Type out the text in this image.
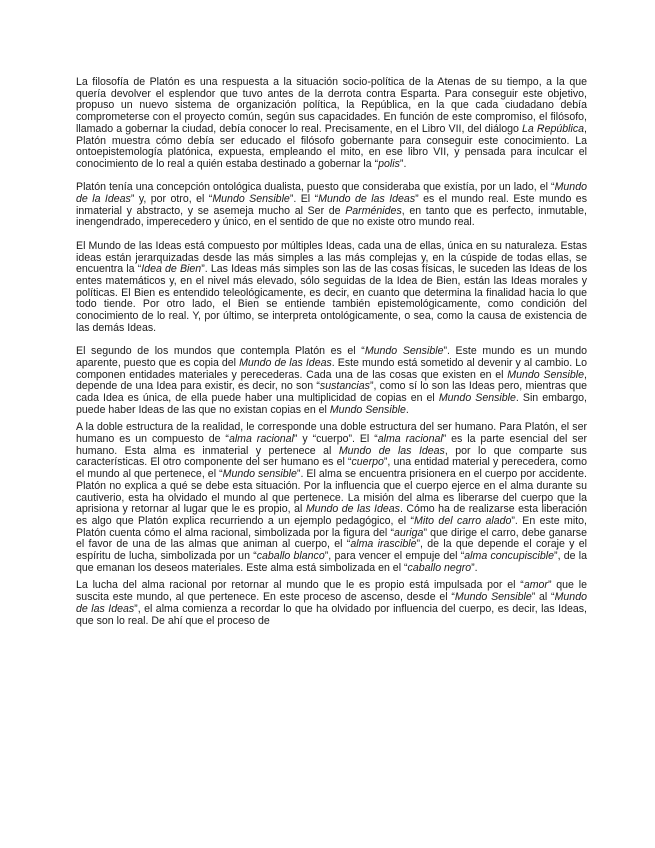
La filosofía de Platón es una respuesta a la situación socio-política de la Atenas de su tiempo, a la que quería devolver el esplendor que tuvo antes de la derrota contra Esparta. Para conseguir este objetivo, propuso un nuevo sistema de organización política, la República, en la que cada ciudadano debía comprometerse con el proyecto común, según sus capacidades. En función de este compromiso, el filósofo, llamado a gobernar la ciudad, debía conocer lo real. Precisamente, en el Libro VII, del diálogo La República, Platón muestra cómo debía ser educado el filósofo gobernante para conseguir este conocimiento. La ontoepistemología platónica, expuesta, empleando el mito, en ese libro VII, y pensada para inculcar el conocimiento de lo real a quién estaba destinado a gobernar la “polis”.

Platón tenía una concepción ontológica dualista, puesto que consideraba que existía, por un lado, el “Mundo de la Ideas” y, por otro, el “Mundo Sensible”. El “Mundo de las Ideas” es el mundo real. Este mundo es inmaterial y abstracto, y se asemeja mucho al Ser de Parménides, en tanto que es perfecto, inmutable, inengendrado, imperecedero y único, en el sentido de que no existe otro mundo real.

El Mundo de las Ideas está compuesto por múltiples Ideas, cada una de ellas, única en su naturaleza. Estas ideas están jerarquizadas desde las más simples a las más complejas y, en la cúspide de todas ellas, se encuentra la “Idea de Bien”. Las Ideas más simples son las de las cosas físicas, le suceden las Ideas de los entes matemáticos y, en el nivel más elevado, sólo seguidas de la Idea de Bien, están las Ideas morales y políticas. El Bien es entendido teleológicamente, es decir, en cuanto que determina la finalidad hacia lo que todo tiende. Por otro lado, el Bien se entiende también epistemológicamente, como condición del conocimiento de lo real. Y, por último, se interpreta ontológicamente, o sea, como la causa de existencia de las demás Ideas.

El segundo de los mundos que contempla Platón es el “Mundo Sensible”. Este mundo es un mundo aparente, puesto que es copia del Mundo de las Ideas. Este mundo está sometido al devenir y al cambio. Lo componen entidades materiales y perecederas. Cada una de las cosas que existen en el Mundo Sensible, depende de una Idea para existir, es decir, no son “sustancias”, como sí lo son las Ideas pero, mientras que cada Idea es única, de ella puede haber una multiplicidad de copias en el Mundo Sensible. Sin embargo, puede haber Ideas de las que no existan copias en el Mundo Sensible.

A la doble estructura de la realidad, le corresponde una doble estructura del ser humano. Para Platón, el ser humano es un compuesto de “alma racional” y “cuerpo”. El “alma racional” es la parte esencial del ser humano. Esta alma es inmaterial y pertenece al Mundo de las Ideas, por lo que comparte sus características. El otro componente del ser humano es el “cuerpo”, una entidad material y perecedera, como el mundo al que pertenece, el “Mundo sensible”. El alma se encuentra prisionera en el cuerpo por accidente. Platón no explica a qué se debe esta situación. Por la influencia que el cuerpo ejerce en el alma durante su cautiverio, esta ha olvidado el mundo al que pertenece. La misión del alma es liberarse del cuerpo que la aprisiona y retornar al lugar que le es propio, al Mundo de las Ideas. Cómo ha de realizarse esta liberación es algo que Platón explica recurriendo a un ejemplo pedagógico, el “Mito del carro alado”. En este mito, Platón cuenta cómo el alma racional, simbolizada por la figura del “auriga” que dirige el carro, debe ganarse el favor de una de las almas que animan al cuerpo, el “alma irascible”, de la que depende el coraje y el espíritu de lucha, simbolizada por un “caballo blanco”, para vencer el empuje del “alma concupiscible”, de la que emanan los deseos materiales. Este alma está simbolizada en el “caballo negro”.

La lucha del alma racional por retornar al mundo que le es propio está impulsada por el “amor” que le suscita este mundo, al que pertenece. En este proceso de ascenso, desde el “Mundo Sensible” al “Mundo de las Ideas”, el alma comienza a recordar lo que ha olvidado por influencia del cuerpo, es decir, las Ideas, que son lo real. De ahí que el proceso de
